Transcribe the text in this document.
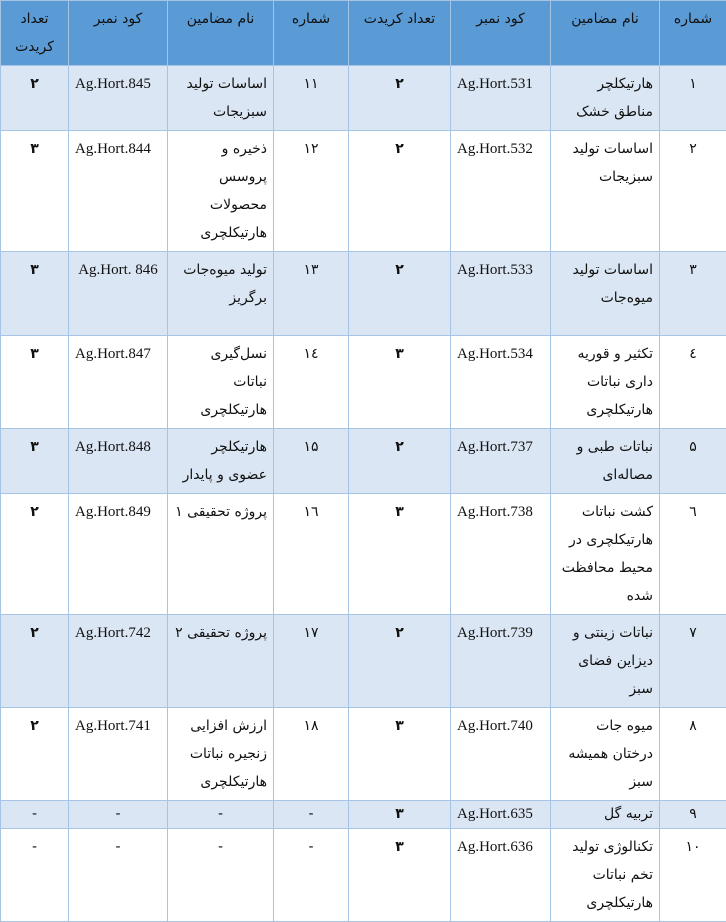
شماره	نام مضامین	کود نمبر	تعداد کریدت	شماره	نام مضامین	کود نمبر	تعداد کریدت
۱	هارتیکلچر مناطق خشک	Ag.Hort.531	۲	۱۱	اساسات تولید سبزیجات	Ag.Hort.845	۲
۲	اساسات تولید سبزیجات	Ag.Hort.532	۲	۱۲	ذخیره و پروسس محصولات هارتیکلچری	Ag.Hort.844	۳
۳	اساسات تولید میوه‌جات	Ag.Hort.533	۲	۱۳	تولید میوه‌جات برگریز	Ag.Hort. 846	۳
٤	تکثیر و قوریه داری نباتات هارتیکلچری	Ag.Hort.534	۳	١٤	نسل‌گیری نباتات هارتیکلچری	Ag.Hort.847	۳
۵	نباتات طبی و مصاله‌ای	Ag.Hort.737	۲	۱۵	هارتیکلچر عضوی و پایدار	Ag.Hort.848	۳
٦	کشت نباتات هارتیکلچری در محیط محافظت شده	Ag.Hort.738	۳	١٦	پروژه تحقیقی ۱	Ag.Hort.849	۲
۷	نباتات زینتی و دیزاین فضای سبز	Ag.Hort.739	۲	۱۷	پروژه تحقیقی ۲	Ag.Hort.742	۲
۸	میوه جات درختان همیشه سبز	Ag.Hort.740	۳	۱۸	ارزش افزایی زنجیره نباتات هارتیکلچری	Ag.Hort.741	۲
۹	تربیه گل	Ag.Hort.635	۳	-	-	-	-
۱۰	تکنالوژی تولید تخم نباتات هارتیکلچری	Ag.Hort.636	۳	-	-	-	-
